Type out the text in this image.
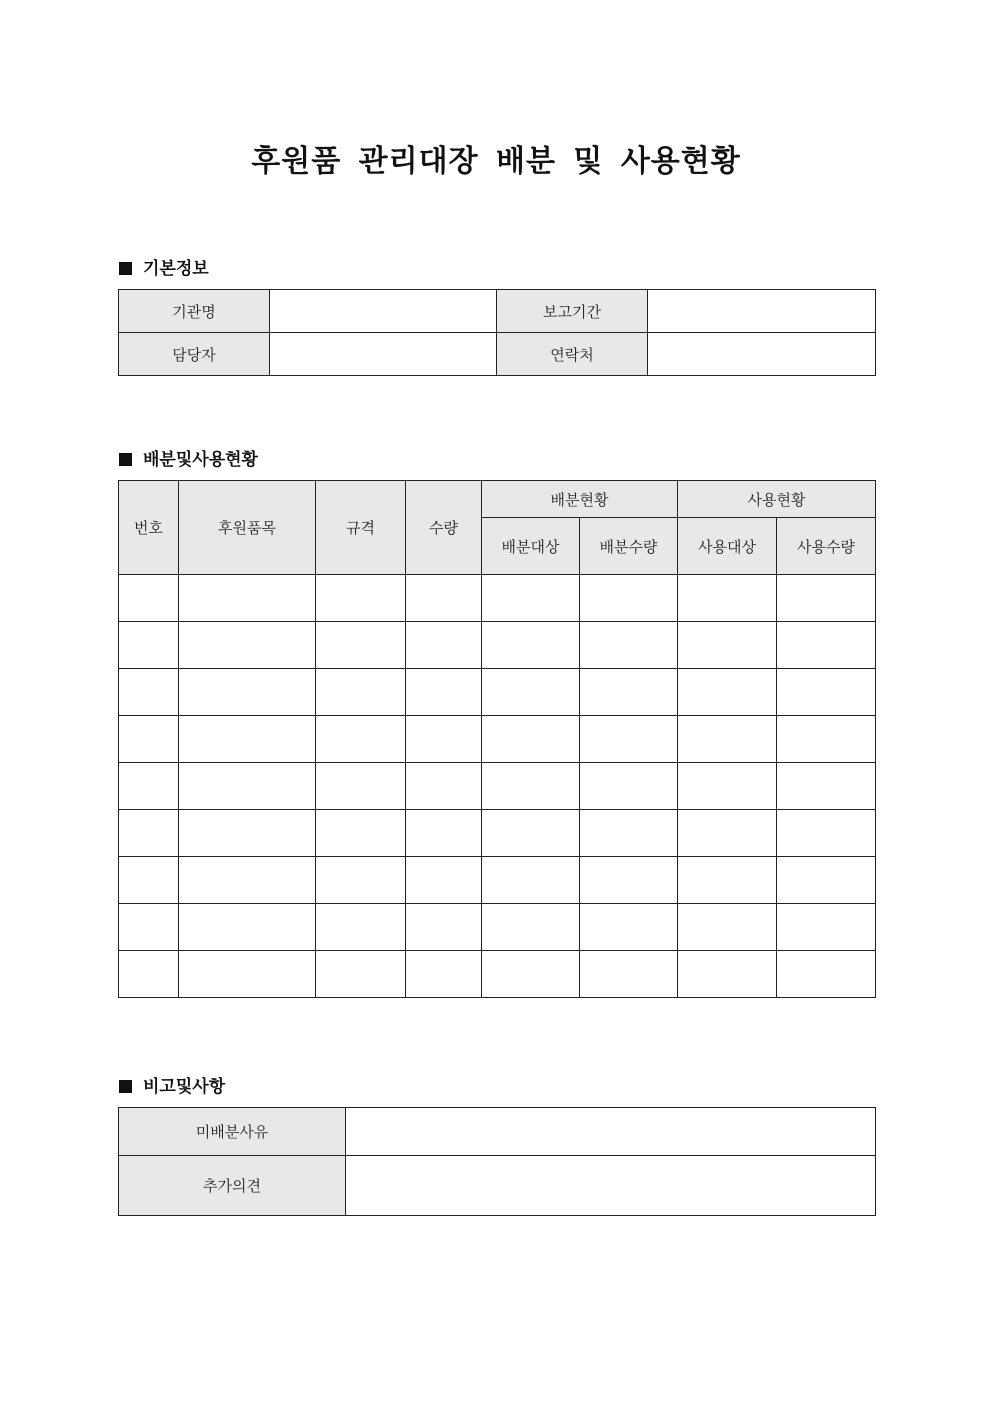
후원품 관리대장 배분 및 사용현황
기본정보
기관명		보고기간	
담당자		연락처	
배분및사용현황
번호	후원품목	규격	수량	배분현황		사용현황	
				배분대상	배분수량	사용대상	사용수량

비고및사항
미배분사유	
추가의견	
